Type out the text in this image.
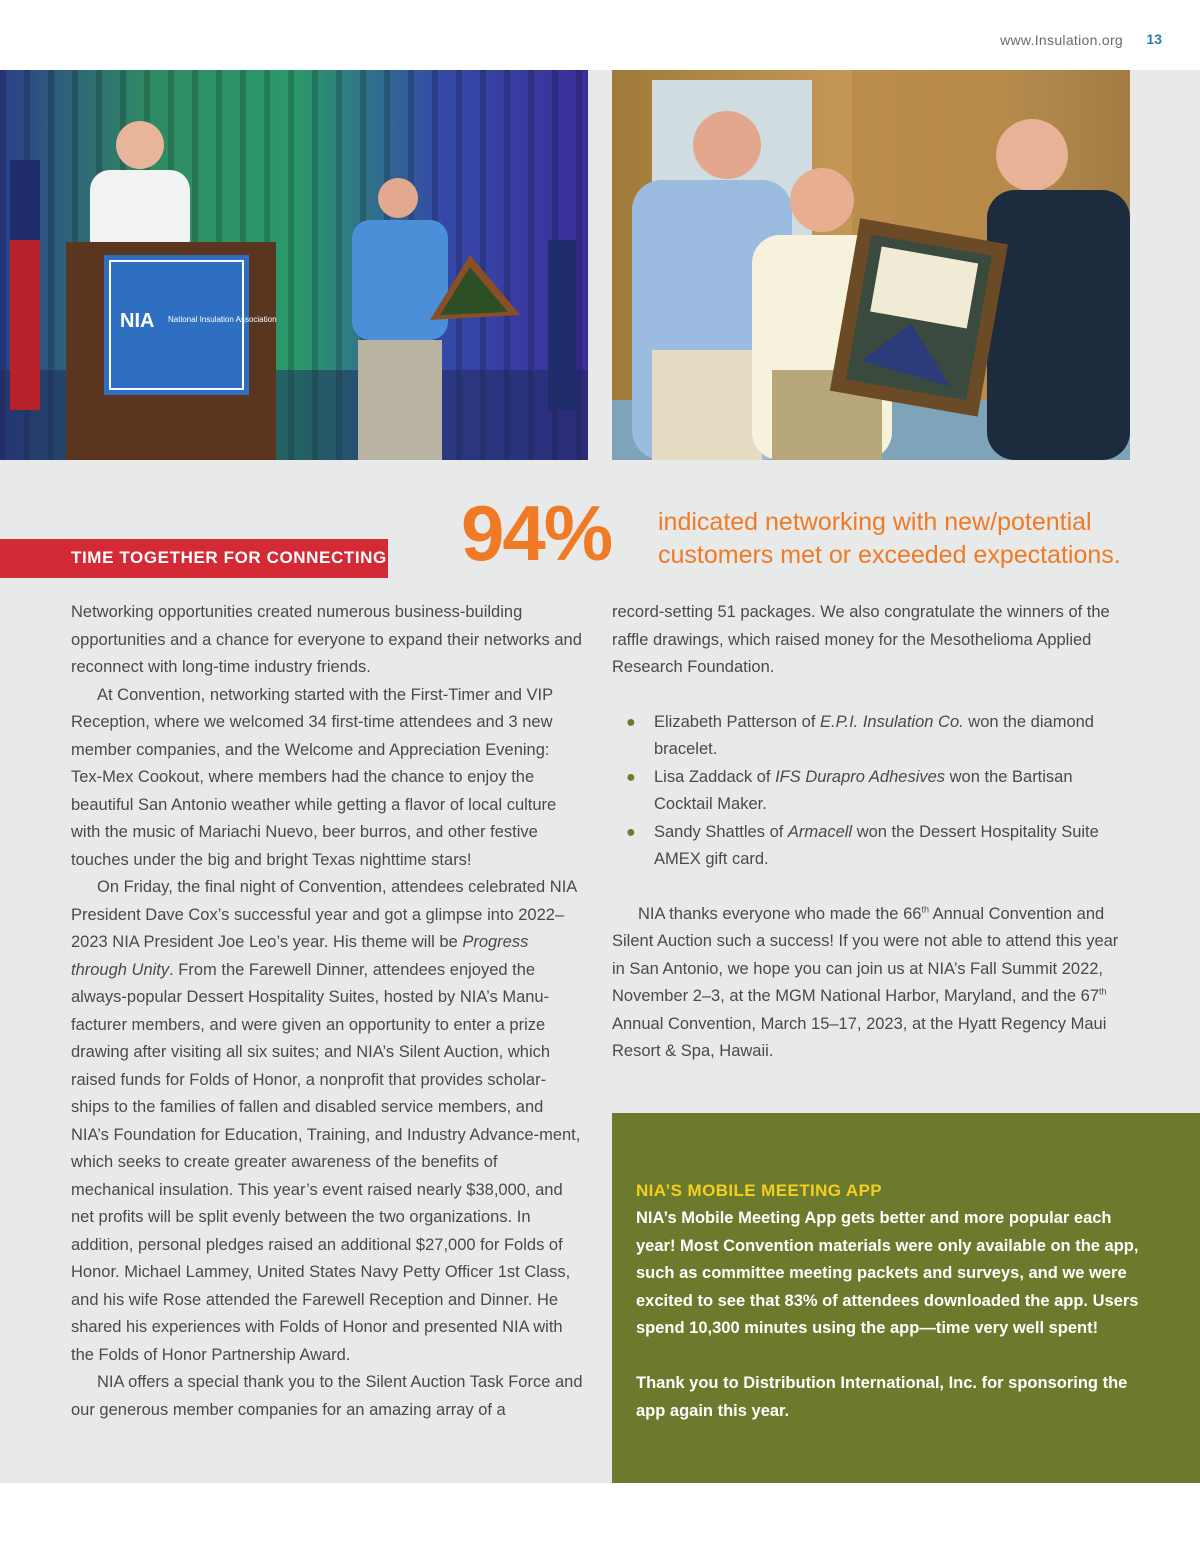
www.Insulation.org 13
NIA National Insulation Association
TIME TOGETHER FOR CONNECTING 94% indicated networking with new/potential customers met or exceeded expectations.

Networking opportunities created numerous business-building opportunities and a chance for everyone to expand their networks and reconnect with long-time industry friends.

At Convention, networking started with the First-Timer and VIP Reception, where we welcomed 34 first-time attendees and 3 new member companies, and the Welcome and Appreciation Evening: Tex-Mex Cookout, where members had the chance to enjoy the beautiful San Antonio weather while getting a flavor of local culture with the music of Mariachi Nuevo, beer burros, and other festive touches under the big and bright Texas nighttime stars!

On Friday, the final night of Convention, attendees celebrated NIA President Dave Cox’s successful year and got a glimpse into 2022–2023 NIA President Joe Leo’s year. His theme will be Progress through Unity. From the Farewell Dinner, attendees enjoyed the always-popular Dessert Hospitality Suites, hosted by NIA’s Manu-facturer members, and were given an opportunity to enter a prize drawing after visiting all six suites; and NIA’s Silent Auction, which raised funds for Folds of Honor, a nonprofit that provides scholar-ships to the families of fallen and disabled service members, and NIA’s Foundation for Education, Training, and Industry Advance-ment, which seeks to create greater awareness of the benefits of mechanical insulation. This year’s event raised nearly $38,000, and net profits will be split evenly between the two organizations. In addition, personal pledges raised an additional $27,000 for Folds of Honor. Michael Lammey, United States Navy Petty Officer 1st Class, and his wife Rose attended the Farewell Reception and Dinner. He shared his experiences with Folds of Honor and presented NIA with the Folds of Honor Partnership Award.

NIA offers a special thank you to the Silent Auction Task Force and our generous member companies for an amazing array of a

record-setting 51 packages. We also congratulate the winners of the raffle drawings, which raised money for the Mesothelioma Applied Research Foundation.

● Elizabeth Patterson of E.P.I. Insulation Co. won the diamond bracelet.
● Lisa Zaddack of IFS Durapro Adhesives won the Bartisan Cocktail Maker.
● Sandy Shattles of Armacell won the Dessert Hospitality Suite AMEX gift card.

NIA thanks everyone who made the 66th Annual Convention and Silent Auction such a success! If you were not able to attend this year in San Antonio, we hope you can join us at NIA’s Fall Summit 2022, November 2–3, at the MGM National Harbor, Maryland, and the 67th Annual Convention, March 15–17, 2023, at the Hyatt Regency Maui Resort & Spa, Hawaii.

NIA’S MOBILE MEETING APP

NIA’s Mobile Meeting App gets better and more popular each year! Most Convention materials were only available on the app, such as committee meeting packets and surveys, and we were excited to see that 83% of attendees downloaded the app. Users spend 10,300 minutes using the app—time very well spent!

Thank you to Distribution International, Inc. for sponsoring the app again this year.
